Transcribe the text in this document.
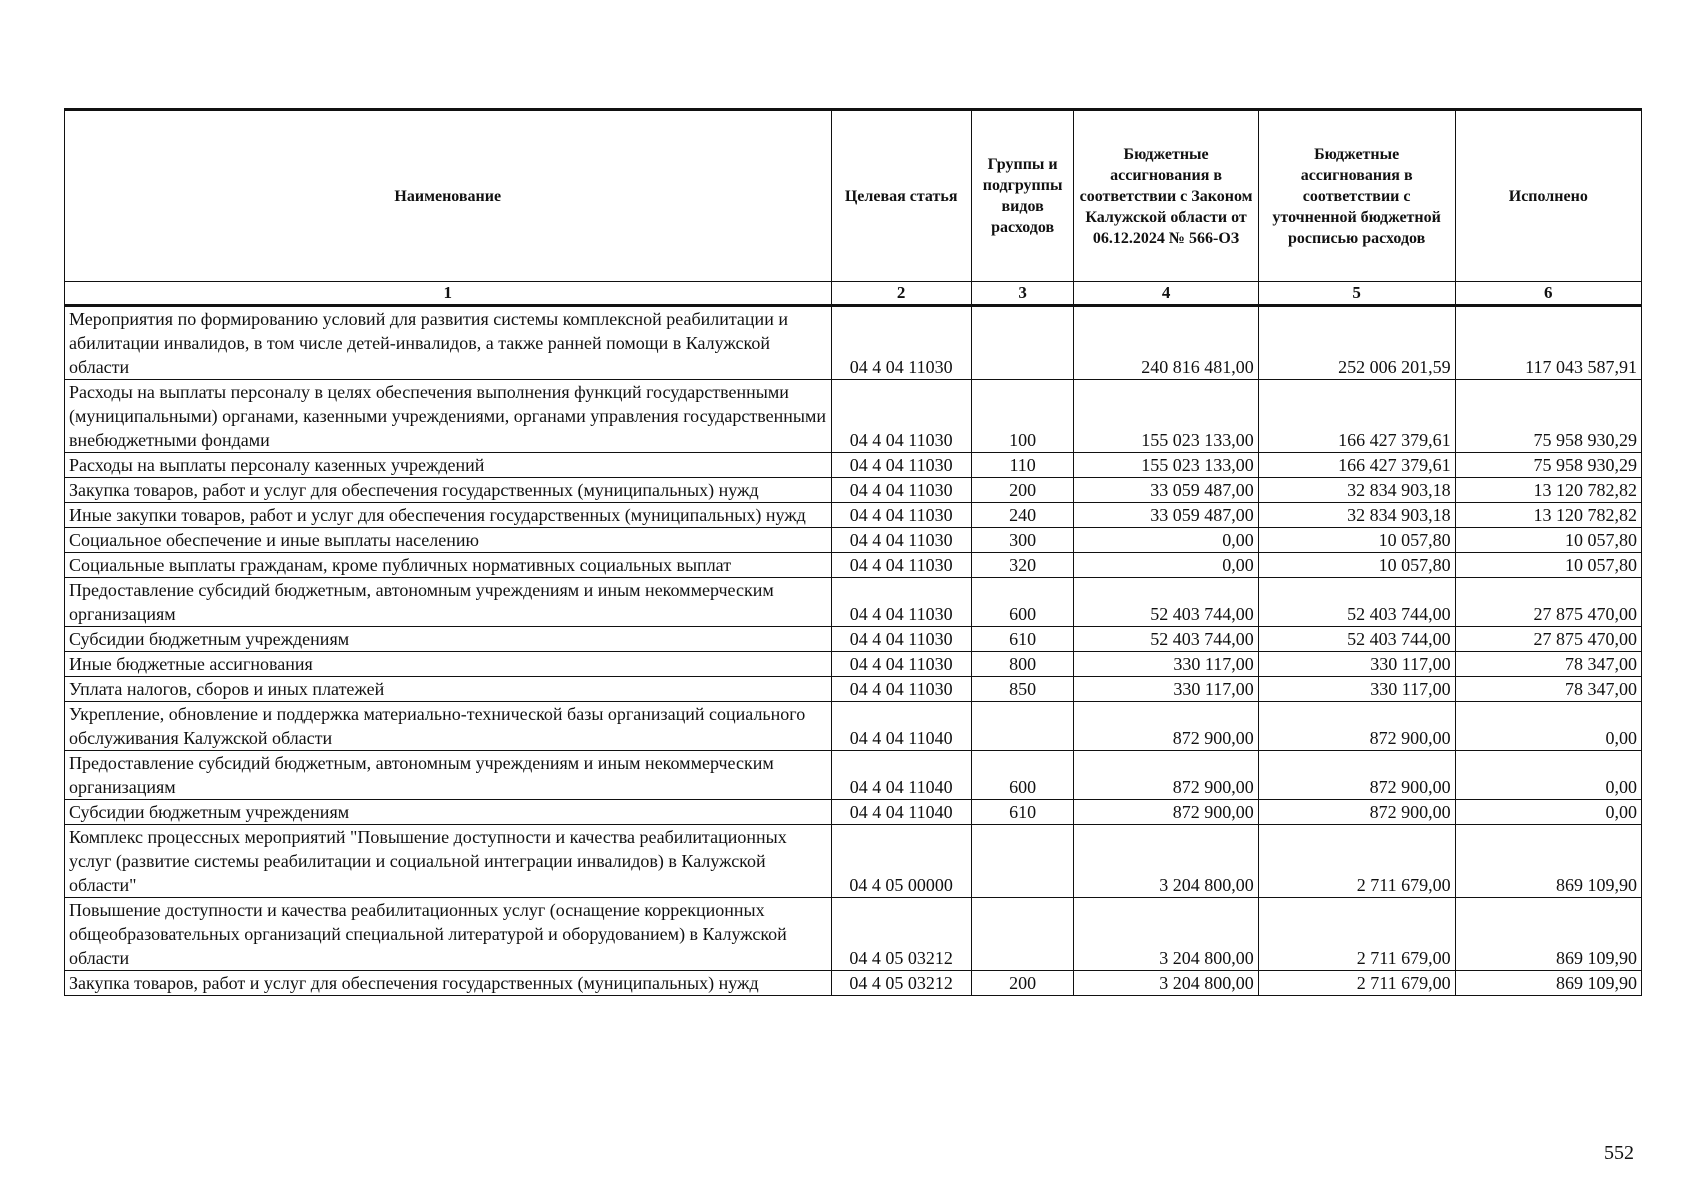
Наименование	Целевая статья	Группы и подгруппы видов расходов	Бюджетные ассигнования в соответствии с Законом Калужской области от 06.12.2024 № 566-ОЗ	Бюджетные ассигнования в соответствии с уточненной бюджетной росписью расходов	Исполнено
1	2	3	4	5	6
Мероприятия по формированию условий для развития системы комплексной реабилитации и абилитации инвалидов, в том числе детей-инвалидов, а также ранней помощи в Калужской области	04 4 04 11030		240 816 481,00	252 006 201,59	117 043 587,91
Расходы на выплаты персоналу в целях обеспечения выполнения функций государственными (муниципальными) органами, казенными учреждениями, органами управления государственными внебюджетными фондами	04 4 04 11030	100	155 023 133,00	166 427 379,61	75 958 930,29
Расходы на выплаты персоналу казенных учреждений	04 4 04 11030	110	155 023 133,00	166 427 379,61	75 958 930,29
Закупка товаров, работ и услуг для обеспечения государственных (муниципальных) нужд	04 4 04 11030	200	33 059 487,00	32 834 903,18	13 120 782,82
Иные закупки товаров, работ и услуг для обеспечения государственных (муниципальных) нужд	04 4 04 11030	240	33 059 487,00	32 834 903,18	13 120 782,82
Социальное обеспечение и иные выплаты населению	04 4 04 11030	300	0,00	10 057,80	10 057,80
Социальные выплаты гражданам, кроме публичных нормативных социальных выплат	04 4 04 11030	320	0,00	10 057,80	10 057,80
Предоставление субсидий бюджетным, автономным учреждениям и иным некоммерческим организациям	04 4 04 11030	600	52 403 744,00	52 403 744,00	27 875 470,00
Субсидии бюджетным учреждениям	04 4 04 11030	610	52 403 744,00	52 403 744,00	27 875 470,00
Иные бюджетные ассигнования	04 4 04 11030	800	330 117,00	330 117,00	78 347,00
Уплата налогов, сборов и иных платежей	04 4 04 11030	850	330 117,00	330 117,00	78 347,00
Укрепление, обновление и поддержка материально-технической базы организаций социального обслуживания Калужской области	04 4 04 11040		872 900,00	872 900,00	0,00
Предоставление субсидий бюджетным, автономным учреждениям и иным некоммерческим организациям	04 4 04 11040	600	872 900,00	872 900,00	0,00
Субсидии бюджетным учреждениям	04 4 04 11040	610	872 900,00	872 900,00	0,00
Комплекс процессных мероприятий "Повышение доступности и качества реабилитационных услуг (развитие системы реабилитации и социальной интеграции инвалидов) в Калужской области"	04 4 05 00000		3 204 800,00	2 711 679,00	869 109,90
Повышение доступности и качества реабилитационных услуг (оснащение коррекционных общеобразовательных организаций специальной литературой и оборудованием) в Калужской области	04 4 05 03212		3 204 800,00	2 711 679,00	869 109,90
Закупка товаров, работ и услуг для обеспечения государственных (муниципальных) нужд	04 4 05 03212	200	3 204 800,00	2 711 679,00	869 109,90
552
